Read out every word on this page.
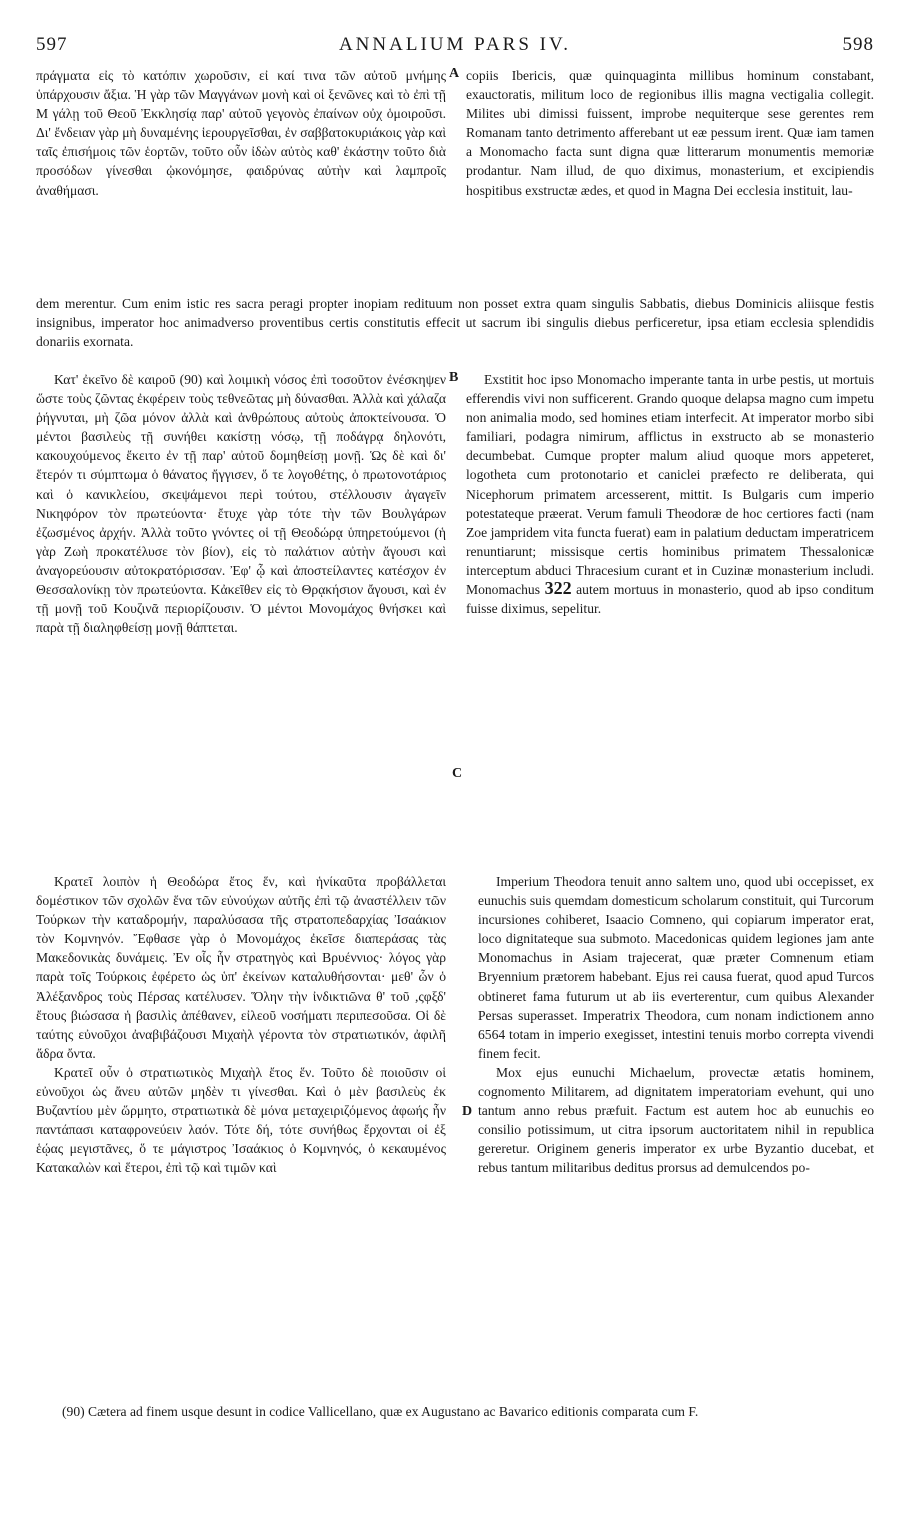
597	ANNALIUM PARS IV.	598

πράγματα εἰς τὸ κατόπιν χωροῦσιν, εἰ καί τινα τῶν αὐτοῦ μνήμης ὑπάρχουσιν ἄξια. Ἡ γὰρ τῶν Μαγγάνων μονὴ καὶ οἱ ξενῶνες καὶ τὸ ἐπὶ τῇ Μ γάλῃ τοῦ Θεοῦ Ἐκκλησίᾳ παρ' αὐτοῦ γεγονὸς ἐπαίνων οὐχ ὁμοιροῦσι. Δι' ἔνδειαν γὰρ μὴ δυναμένης ἱερουργεῖσθαι, ἐν σαββατοκυριάκοις γὰρ καὶ ταῖς ἐπισήμοις τῶν ἑορτῶν, τοῦτο οὖν ἰδὼν αὐτὸς καθ' ἑκάστην τοῦτο διὰ προσόδων γίνεσθαι ᾠκονόμησε, φαιδρύνας αὐτὴν καὶ λαμπροῖς ἀναθήμασι.

A copiis Ibericis, quæ quinquaginta millibus hominum constabant, exauctoratis, militum loco de regionibus illis magna vectigalia collegit. Milites ubi dimissi fuissent, improbe nequiterque sese gerentes rem Romanam tanto detrimento afferebant ut eæ pessum irent. Quæ iam tamen a Monomacho facta sunt digna quæ litterarum monumentis memoriæ prodantur. Nam illud, de quo diximus, monasterium, et excipiendis hospitibus exstructæ ædes, et quod in Magna Dei ecclesia instituit, lau-

dem merentur. Cum enim istic res sacra peragi propter inopiam redituum non posset extra quam singulis Sabbatis, diebus Dominicis aliisque festis insignibus, imperator hoc animadverso proventibus certis constitutis effecit ut sacrum ibi singulis diebus perficeretur, ipsa etiam ecclesia splendidis donariis exornata.

Κατ' ἐκεῖνο δὲ καιροῦ (90) καὶ λοιμικὴ νόσος ἐπὶ τοσοῦτον ἐνέσκηψεν ὥστε τοὺς ζῶντας ἐκφέρειν τοὺς τεθνεῶτας μὴ δύνασθαι. Ἀλλὰ καὶ χάλαζα ῥήγνυται, μὴ ζῶα μόνον ἀλλὰ καὶ ἀνθρώπους αὐτοὺς ἀποκτείνουσα. Ὁ μέντοι βασιλεὺς τῇ συνήθει κακίστῃ νόσῳ, τῇ ποδάγρᾳ δηλονότι, κακουχούμενος ἔκειτο ἐν τῇ παρ' αὐτοῦ δομηθείσῃ μονῇ. Ὡς δὲ καὶ δι' ἕτερόν τι σύμπτωμα ὁ θάνατος ἤγγισεν, ὅ τε λογοθέτης, ὁ πρωτονοτάριος καὶ ὁ κανικλείου, σκεψάμενοι περὶ τούτου, στέλλουσιν ἀγαγεῖν Νικηφόρον τὸν πρωτεύοντα· ἔτυχε γὰρ τότε τὴν τῶν Βουλγάρων ἐζωσμένος ἀρχήν. Ἀλλὰ τοῦτο γνόντες οἱ τῇ Θεοδώρᾳ ὑπηρετούμενοι (ἡ γὰρ Ζωὴ προκατέλυσε τὸν βίον), εἰς τὸ παλάτιον αὐτὴν ἄγουσι καὶ ἀναγορεύουσιν αὐτοκρατόρισσαν. Ἐφ' ᾧ καὶ ἀποστείλαντες κατέσχον ἐν Θεσσαλονίκῃ τὸν πρωτεύοντα. Κἀκεῖθεν εἰς τὸ Θρᾳκήσιον ἄγουσι, καὶ ἐν τῇ μονῇ τοῦ Κουζινᾶ περιορίζουσιν. Ὁ μέντοι Μονομάχος θνήσκει καὶ παρὰ τῇ διαληφθείσῃ μονῇ θάπτεται.

B
C

Exstitit hoc ipso Monomacho imperante tanta in urbe pestis, ut mortuis efferendis vivi non sufficerent. Grando quoque delapsa magno cum impetu non animalia modo, sed homines etiam interfecit. At imperator morbo sibi familiari, podagra nimirum, afflictus in exstructo ab se monasterio decumbebat. Cumque propter malum aliud quoque mors appeteret, logotheta cum protonotario et caniclei præfecto re deliberata, qui Nicephorum primatem arcesserent, mittit. Is Bulgaris cum imperio potestateque præerat. Verum famuli Theodoræ de hoc certiores facti (nam Zoe jampridem vita functa fuerat) eam in palatium deductam imperatricem renuntiarunt; missisque certis hominibus primatem Thessalonicæ interceptum abduci Thracesium curant et in Cuzinæ monasterium includi. Monomachus 322 autem mortuus in monasterio, quod ab ipso conditum fuisse diximus, sepelitur.

Κρατεῖ λοιπὸν ἡ Θεοδώρα ἔτος ἕν, καὶ ἡνίκαῦτα προβάλλεται δομέστικον τῶν σχολῶν ἕνα τῶν εὐνούχων αὐτῆς ἐπὶ τῷ ἀναστέλλειν τῶν Τούρκων τὴν καταδρομήν, παραλύσασα τῆς στρατοπεδαρχίας Ἰσαάκιον τὸν Κομνηνόν. Ἔφθασε γὰρ ὁ Μονομάχος ἐκεῖσε διαπεράσας τὰς Μακεδονικὰς δυνάμεις. Ἐν οἷς ἦν στρατηγὸς καὶ Βρυέννιος· λόγος γὰρ παρὰ τοῖς Τούρκοις ἐφέρετο ὡς ὑπ' ἐκείνων καταλυθήσονται· μεθ' ὧν ὁ Ἀλέξανδρος τοὺς Πέρσας κατέλυσεν. Ὅλην τὴν ἰνδικτιῶνα θ' τοῦ ,ςφξδ' ἔτους βιώσασα ἡ βασιλὶς ἀπέθανεν, εἰλεοῦ νοσήματι περιπεσοῦσα. Οἱ δὲ ταύτης εὐνοῦχοι ἀναβιβάζουσι Μιχαὴλ γέροντα τὸν στρατιωτικόν, ἀφιλῆ ἄδρα ὄντα.

Κρατεῖ οὖν ὁ στρατιωτικὸς Μιχαὴλ ἔτος ἕν. Τοῦτο δὲ ποιοῦσιν οἱ εὐνοῦχοι ὡς ἄνευ αὐτῶν μηδὲν τι γίνεσθαι. Καὶ ὁ μὲν βασιλεὺς ἐκ Βυζαντίου μὲν ὥρμητο, στρατιωτικὰ δὲ μόνα μεταχειριζόμενος ἀφωής ἦν παντάπασι καταφρονεύειν λαόν. Τότε δή, τότε συνήθως ἔρχονται οἱ ἐξ ἑῴας μεγιστᾶνες, ὅ τε μάγιστρος Ἰσαάκιος ὁ Κομνηνός, ὁ κεκαυμένος Κατακαλὼν καὶ ἕτεροι, ἐπὶ τῷ καὶ τιμῶν καὶ

D

Imperium Theodora tenuit anno saltem uno, quod ubi occepisset, ex eunuchis suis quemdam domesticum scholarum constituit, qui Turcorum incursiones cohiberet, Isaacio Comneno, qui copiarum imperator erat, loco dignitateque sua submoto. Macedonicas quidem legiones jam ante Monomachus in Asiam trajecerat, quæ præter Comnenum etiam Bryennium prætorem habebant. Ejus rei causa fuerat, quod apud Turcos obtineret fama futurum ut ab iis everterentur, cum quibus Alexander Persas superasset. Imperatrix Theodora, cum nonam indictionem anno 6564 totam in imperio exegisset, intestini tenuis morbo correpta vivendi finem fecit.

Mox ejus eunuchi Michaelum, provectæ ætatis hominem, cognomento Militarem, ad dignitatem imperatoriam evehunt, qui uno tantum anno rebus præfuit. Factum est autem hoc ab eunuchis eo consilio potissimum, ut citra ipsorum auctoritatem nihil in republica gereretur. Originem generis imperator ex urbe Byzantio ducebat, et rebus tantum militaribus deditus prorsus ad demulcendos po-

(90) Cætera ad finem usque desunt in codice Vallicellano, quæ ex Augustano ac Bavarico editionis comparata cum F.
